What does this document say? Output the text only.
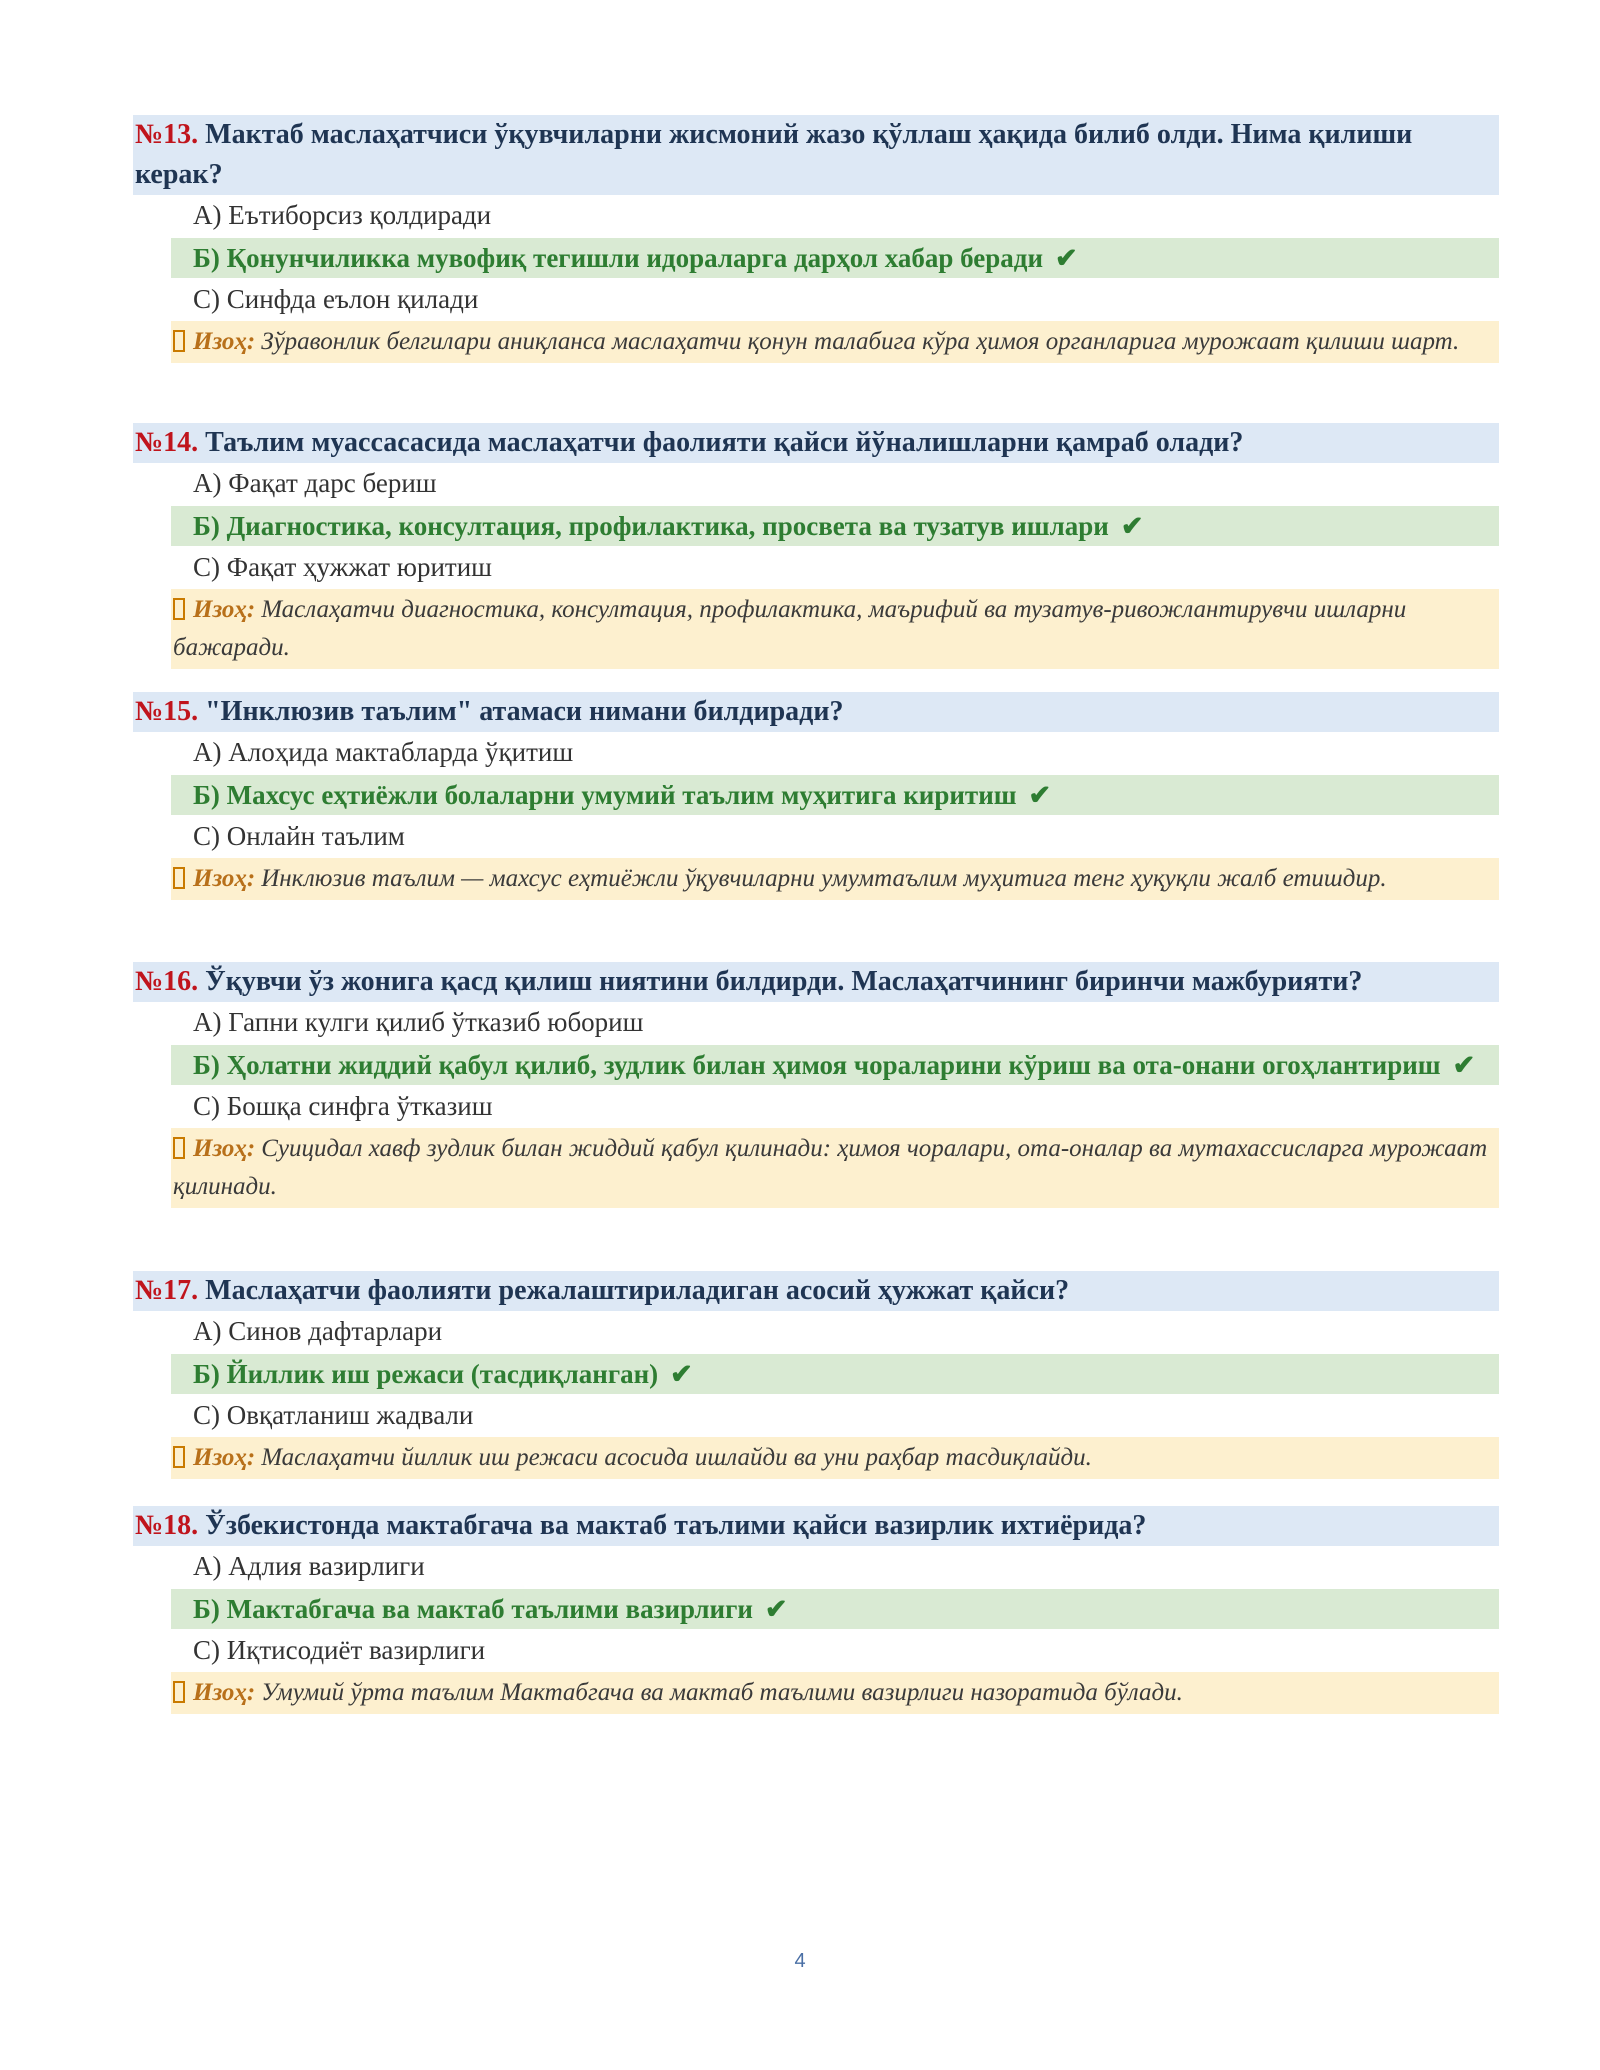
№13. Мактаб маслаҳатчиси ўқувчиларни жисмоний жазо қўллаш ҳақида билиб олди. Нима қилиши керак?
А) Еътиборсиз қолдиради
Б) Қонунчиликка мувофиқ тегишли идораларга дарҳол хабар беради ✔
С) Синфда еълон қилади
Изоҳ: Зўравонлик белгилари аниқланса маслаҳатчи қонун талабига кўра ҳимоя органларига мурожаат қилиши шарт.
№14. Таълим муассасасида маслаҳатчи фаолияти қайси йўналишларни қамраб олади?
А) Фақат дарс бериш
Б) Диагностика, консултация, профилактика, просвета ва тузатув ишлари ✔
С) Фақат ҳужжат юритиш
Изоҳ: Маслаҳатчи диагностика, консултация, профилактика, маърифий ва тузатув-ривожлантирувчи ишларни бажаради.
№15. "Инклюзив таълим" атамаси нимани билдиради?
А) Алоҳида мактабларда ўқитиш
Б) Махсус еҳтиёжли болаларни умумий таълим муҳитига киритиш ✔
С) Онлайн таълим
Изоҳ: Инклюзив таълим — махсус еҳтиёжли ўқувчиларни умумтаълим муҳитига тенг ҳуқуқли жалб етишдир.
№16. Ўқувчи ўз жонига қасд қилиш ниятини билдирди. Маслаҳатчининг биринчи мажбурияти?
А) Гапни кулги қилиб ўтказиб юбориш
Б) Ҳолатни жиддий қабул қилиб, зудлик билан ҳимоя чораларини кўриш ва ота-онани огоҳлантириш ✔
С) Бошқа синфга ўтказиш
Изоҳ: Суицидал хавф зудлик билан жиддий қабул қилинади: ҳимоя чоралари, ота-оналар ва мутахассисларга мурожаат қилинади.
№17. Маслаҳатчи фаолияти режалаштириладиган асосий ҳужжат қайси?
А) Синов дафтарлари
Б) Йиллик иш режаси (тасдиқланган) ✔
С) Овқатланиш жадвали
Изоҳ: Маслаҳатчи йиллик иш режаси асосида ишлайди ва уни раҳбар тасдиқлайди.
№18. Ўзбекистонда мактабгача ва мактаб таълими қайси вазирлик ихтиёрида?
А) Адлия вазирлиги
Б) Мактабгача ва мактаб таълими вазирлиги ✔
С) Иқтисодиёт вазирлиги
Изоҳ: Умумий ўрта таълим Мактабгача ва мактаб таълими вазирлиги назоратида бўлади.
4
